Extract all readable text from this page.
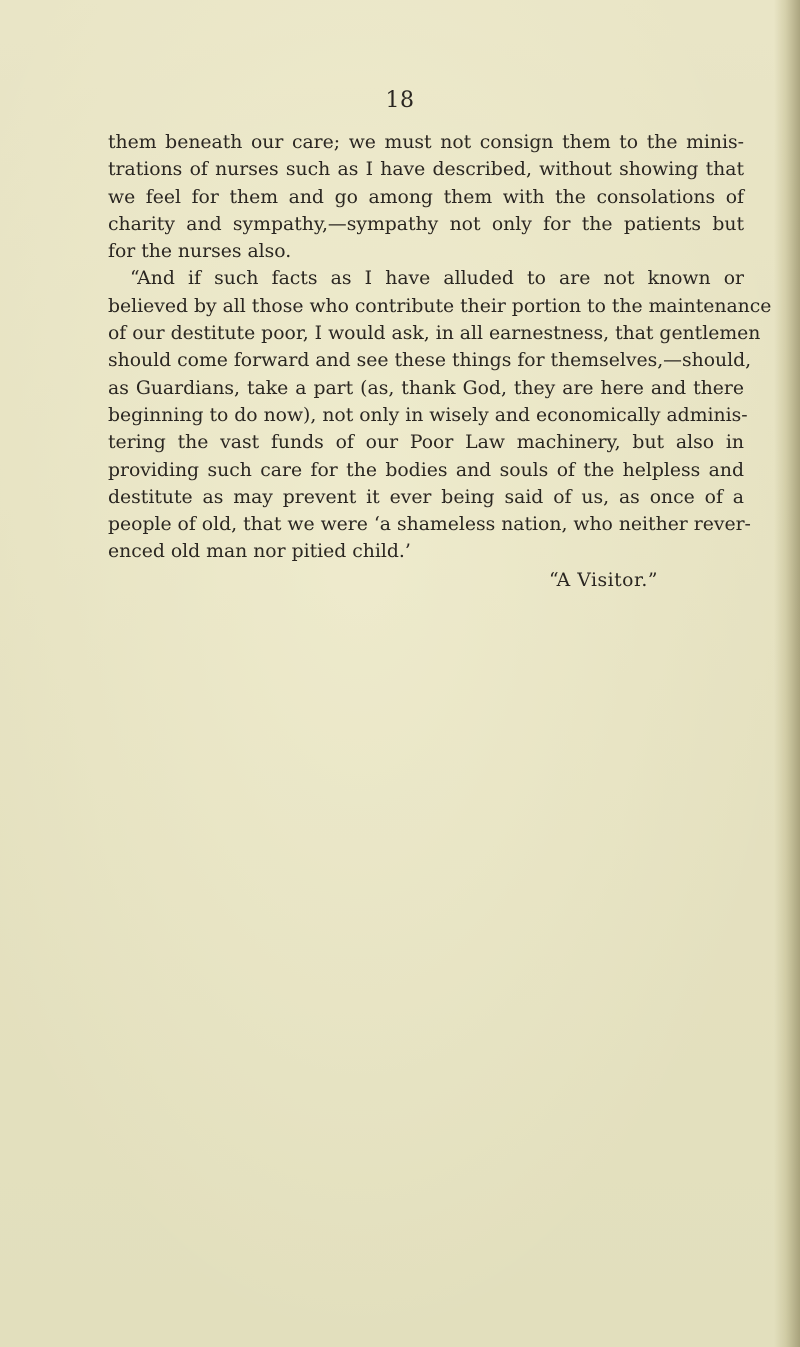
18
them beneath our care; we must not consign them to the minis-
trations of nurses such as I have described, without showing that
we feel for them and go among them with the consolations of
charity and sympathy,—sympathy not only for the patients but
for the nurses also.
“And if such facts as I have alluded to are not known or
believed by all those who contribute their portion to the maintenance
of our destitute poor, I would ask, in all earnestness, that gentlemen
should come forward and see these things for themselves,—should,
as Guardians, take a part (as, thank God, they are here and there
beginning to do now), not only in wisely and economically adminis-
tering the vast funds of our Poor Law machinery, but also in
providing such care for the bodies and souls of the helpless and
destitute as may prevent it ever being said of us, as once of a
people of old, that we were ‘a shameless nation, who neither rever-
enced old man nor pitied child.’
“A Visitor.”
